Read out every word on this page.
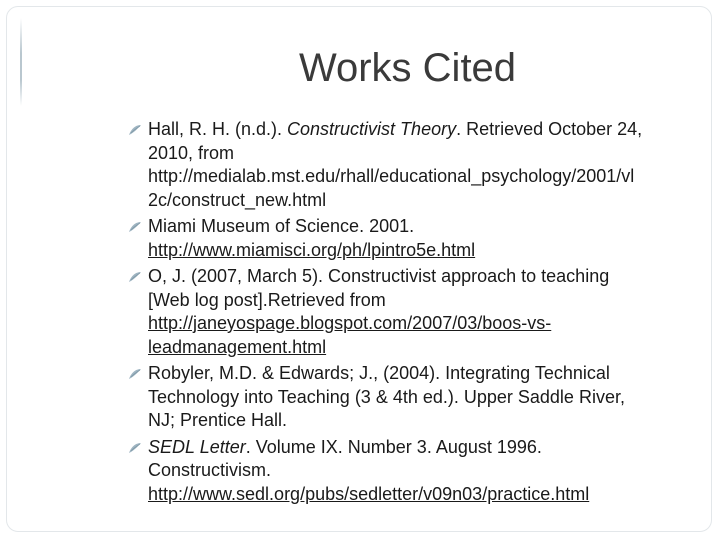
Works Cited
Hall, R. H. (n.d.). Constructivist Theory. Retrieved October 24,
2010, from
http://medialab.mst.edu/rhall/educational_psychology/2001/vl
2c/construct_new.html
Miami Museum of Science. 2001.
http://www.miamisci.org/ph/lpintro5e.html
O, J. (2007, March 5). Constructivist approach to teaching
[Web log post].Retrieved from
http://janeyospage.blogspot.com/2007/03/boos-vs-
leadmanagement.html
Robyler, M.D. & Edwards; J., (2004). Integrating Technical
Technology into Teaching (3 & 4th ed.). Upper Saddle River,
NJ; Prentice Hall.
SEDL Letter. Volume IX. Number 3. August 1996.
Constructivism.
http://www.sedl.org/pubs/sedletter/v09n03/practice.html
